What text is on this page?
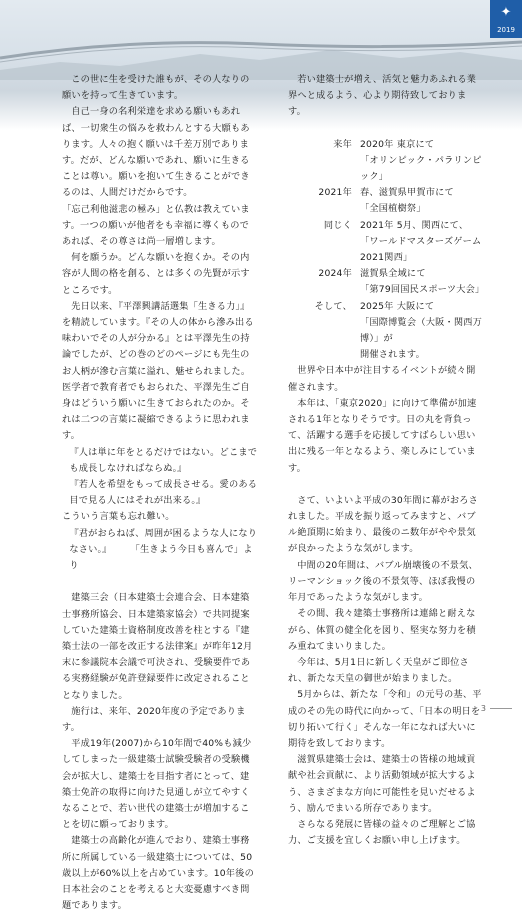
✦
2019

この世に生を受けた誰もが、その人なりの願いを持って生きています。

自己一身の名利栄達を求める願いもあれば、一切衆生の悩みを救わんとする大願もあります。人々の抱く願いは千差万別であります。だが、どんな願いであれ、願いに生きることは尊い。願いを抱いて生きることができるのは、人間だけだからです。

「忘己利他滋悲の極み」と仏教は教えています。一つの願いが他者をも幸福に導くものであれば、その尊さは尚一層増します。

何を願うか。どんな願いを抱くか。その内容が人間の格を創る、とは多くの先賢が示すところです。

先日以来、『平澤興講話選集「生きる力」』を精読しています。『その人の体から滲み出る味わいでその人が分かる』とは平澤先生の持論でしたが、どの巻のどのページにも先生のお人柄が滲む言葉に溢れ、魅せられました。医学者で教育者でもおられた、平澤先生ご自身はどういう願いに生きておられたのか。それは二つの言葉に凝縮できるように思われます。

『人は単に年をとるだけではない。どこまでも成長しなければならぬ。』

『若人を希望をもって成長させる。愛のある目で見る人にはそれが出来る。』

こういう言葉も忘れ難い。

『君がおらねば、周囲が困るような人になりなさい。』　　　「生きよう今日も喜んで」より

建築三会（日本建築士会連合会、日本建築士事務所協会、日本建築家協会）で共同提案していた建築士資格制度改善を柱とする『建築士法の一部を改正する法律案』が昨年12月末に参議院本会議で可決され、受験要件である実務経験が免許登録要件に改定されることとなりました。

施行は、来年、2020年度の予定であります。

平成19年(2007)から10年間で40%も減少してしまった一級建築士試験受験者の受験機会が拡大し、建築士を目指す者にとって、建築士免許の取得に向けた見通しが立てやすくなることで、若い世代の建築士が増加することを切に願っております。

建築士の高齢化が進んでおり、建築士事務所に所属している一級建築士については、50歳以上が60%以上を占めています。10年後の日本社会のことを考えると大変憂慮すべき問題であります。

若い建築士が増え、活気と魅力あふれる業界へと成るよう、心より期待致しております。

来年 2020年 東京にて
「オリンピック・パラリンピック」
2021年 春、滋賀県甲賀市にて
「全国植樹祭」
同じく 2021年 5月、関西にて、
「ワールドマスターズゲーム2021関西」
2024年 滋賀県全域にて
「第79回国民スポーツ大会」
そして、 2025年 大阪にて
「国際博覧会（大阪・関西万博）」が
開催されます。

世界や日本中が注目するイベントが続々開催されます。

本年は、「東京2020」に向けて準備が加速される1年となりそうです。日の丸を背負って、活躍する選手を応援してすばらしい思い出に残る一年となるよう、楽しみにしています。

さて、いよいよ平成の30年間に幕がおろされました。平成を振り返ってみますと、バブル絶頂期に始まり、最後のニ数年がやや景気が良かったような気がします。

中間の20年間は、バブル崩壊後の不景気、リーマンショック後の不景気等、ほぼ我慢の年月であったような気がします。

その間、我々建築士事務所は連綿と耐えながら、体質の健全化を図り、堅実な努力を積み重ねてまいりました。

今年は、5月1日に新しく天皇がご即位され、新たな天皇の御世が始まりました。

5月からは、新たな「令和」の元号の基、平成のその先の時代に向かって、「日本の明日を切り拓いて行く」そんな一年になれば大いに期待を致しております。

滋賀県建築士会は、建築士の皆様の地域貢献や社会貢献に、より活動領域が拡大するよう、さまざまな方向に可能性を見いだせるよう、励んでまいる所存であります。

さらなる発展に皆様の益々のご理解とご協力、ご支援を宜しくお願い申し上げます。

3
